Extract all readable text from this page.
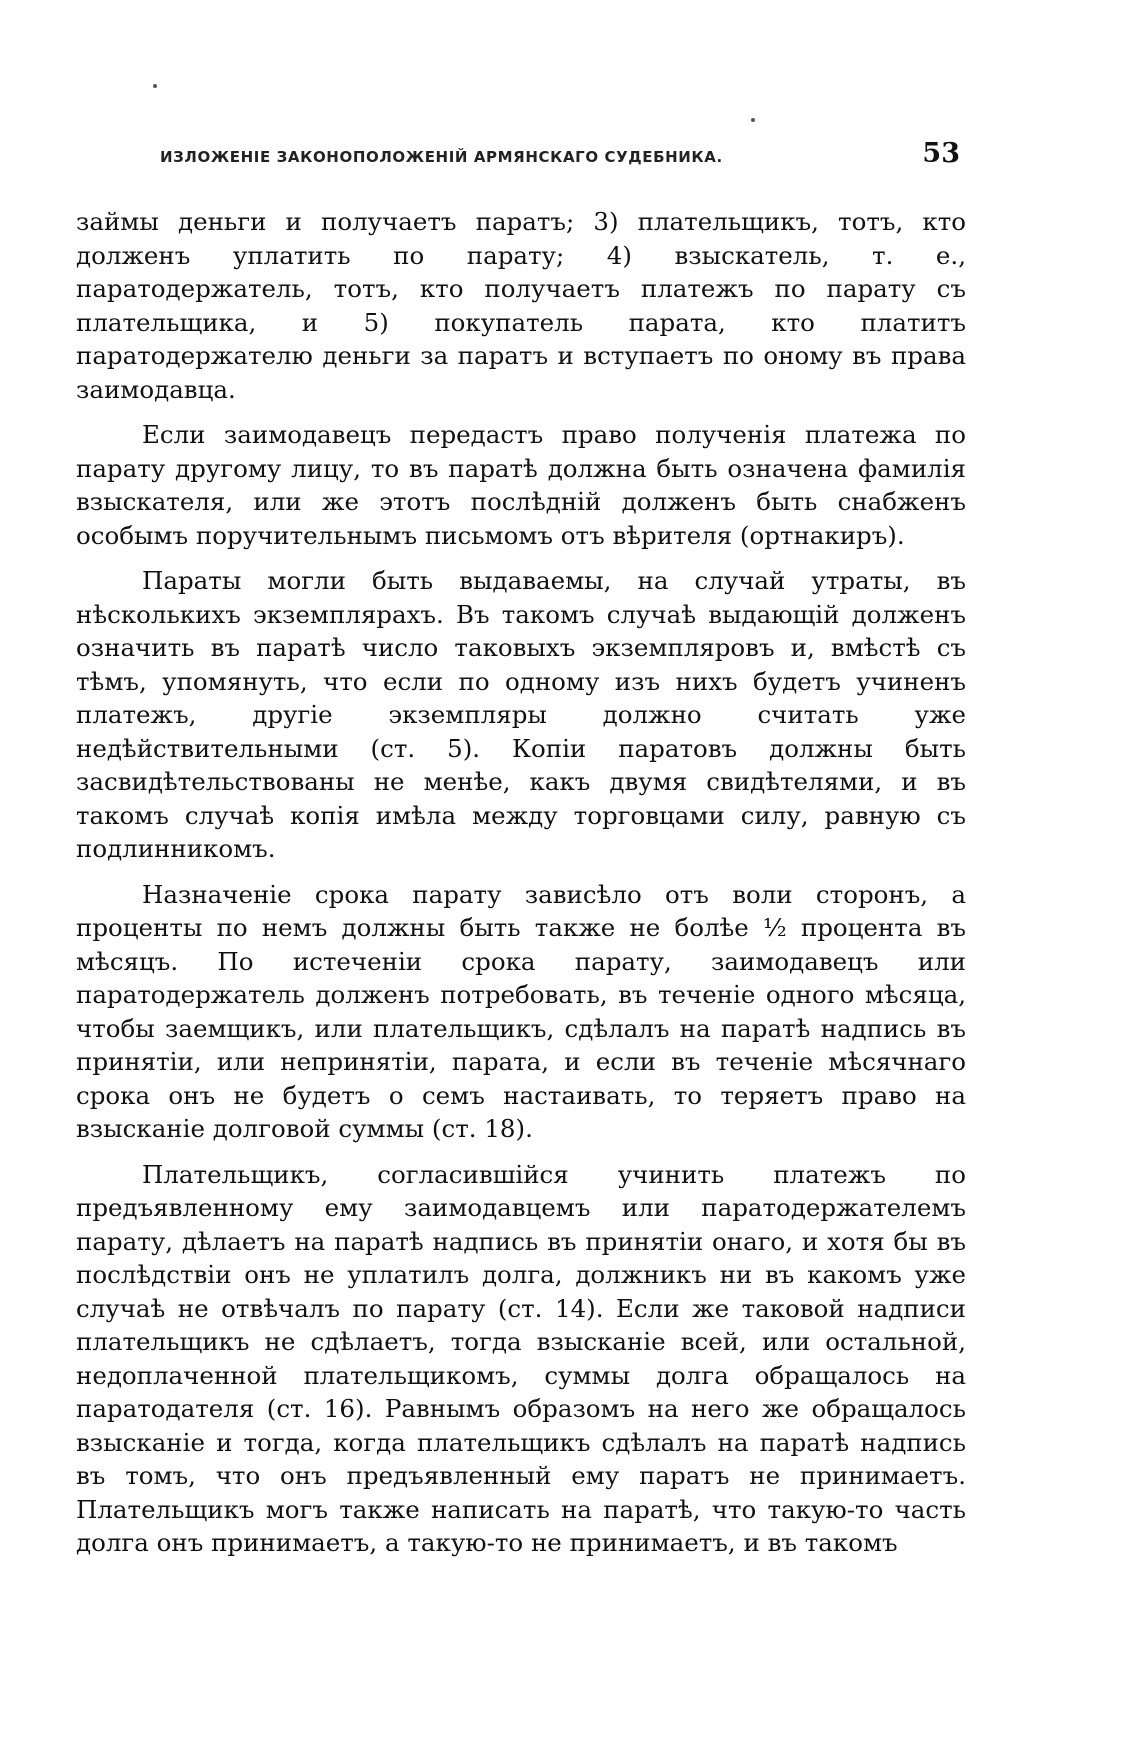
ИЗЛОЖЕНІЕ ЗАКОНОПОЛОЖЕНІЙ АРМЯНСКАГО СУДЕБНИКА.	53

займы деньги и получаетъ паратъ; 3) плательщикъ, тотъ, кто долженъ уплатить по парату; 4) взыскатель, т. е., паратодержатель, тотъ, кто получаетъ платежъ по парату съ плательщика, и 5) покупатель парата, кто платитъ паратодержателю деньги за паратъ и вступаетъ по оному въ права заимодавца.

Если заимодавецъ передастъ право полученія платежа по парату другому лицу, то въ паратѣ должна быть означена фамилія взыскателя, или же этотъ послѣдній долженъ быть снабженъ особымъ поручительнымъ письмомъ отъ вѣрителя (ортнакиръ).

Параты могли быть выдаваемы, на случай утраты, въ нѣсколькихъ экземплярахъ. Въ такомъ случаѣ выдающій долженъ означить въ паратѣ число таковыхъ экземпляровъ и, вмѣстѣ съ тѣмъ, упомянуть, что если по одному изъ нихъ будетъ учиненъ платежъ, другіе экземпляры должно считать уже недѣйствительными (ст. 5). Копіи паратовъ должны быть засвидѣтельствованы не менѣе, какъ двумя свидѣтелями, и въ такомъ случаѣ копія имѣла между торговцами силу, равную съ подлинникомъ.

Назначеніе срока парату зависѣло отъ воли сторонъ, а проценты по немъ должны быть также не болѣе ½ процента въ мѣсяцъ. По истеченіи срока парату, заимодавецъ или паратодержатель долженъ потребовать, въ теченіе одного мѣсяца, чтобы заемщикъ, или плательщикъ, сдѣлалъ на паратѣ надпись въ принятіи, или непринятіи, парата, и если въ теченіе мѣсячнаго срока онъ не будетъ о семъ настаивать, то теряетъ право на взысканіе долговой суммы (ст. 18).

Плательщикъ, согласившійся учинить платежъ по предъявленному ему заимодавцемъ или паратодержателемъ парату, дѣлаетъ на паратѣ надпись въ принятіи онаго, и хотя бы въ послѣдствіи онъ не уплатилъ долга, должникъ ни въ какомъ уже случаѣ не отвѣчалъ по парату (ст. 14). Если же таковой надписи плательщикъ не сдѣлаетъ, тогда взысканіе всей, или остальной, недоплаченной плательщикомъ, суммы долга обращалось на паратодателя (ст. 16). Равнымъ образомъ на него же обращалось взысканіе и тогда, когда плательщикъ сдѣлалъ на паратѣ надпись въ томъ, что онъ предъявленный ему паратъ не принимаетъ. Плательщикъ могъ также написать на паратѣ, что такую-то часть долга онъ принимаетъ, а такую-то не принимаетъ, и въ такомъ
